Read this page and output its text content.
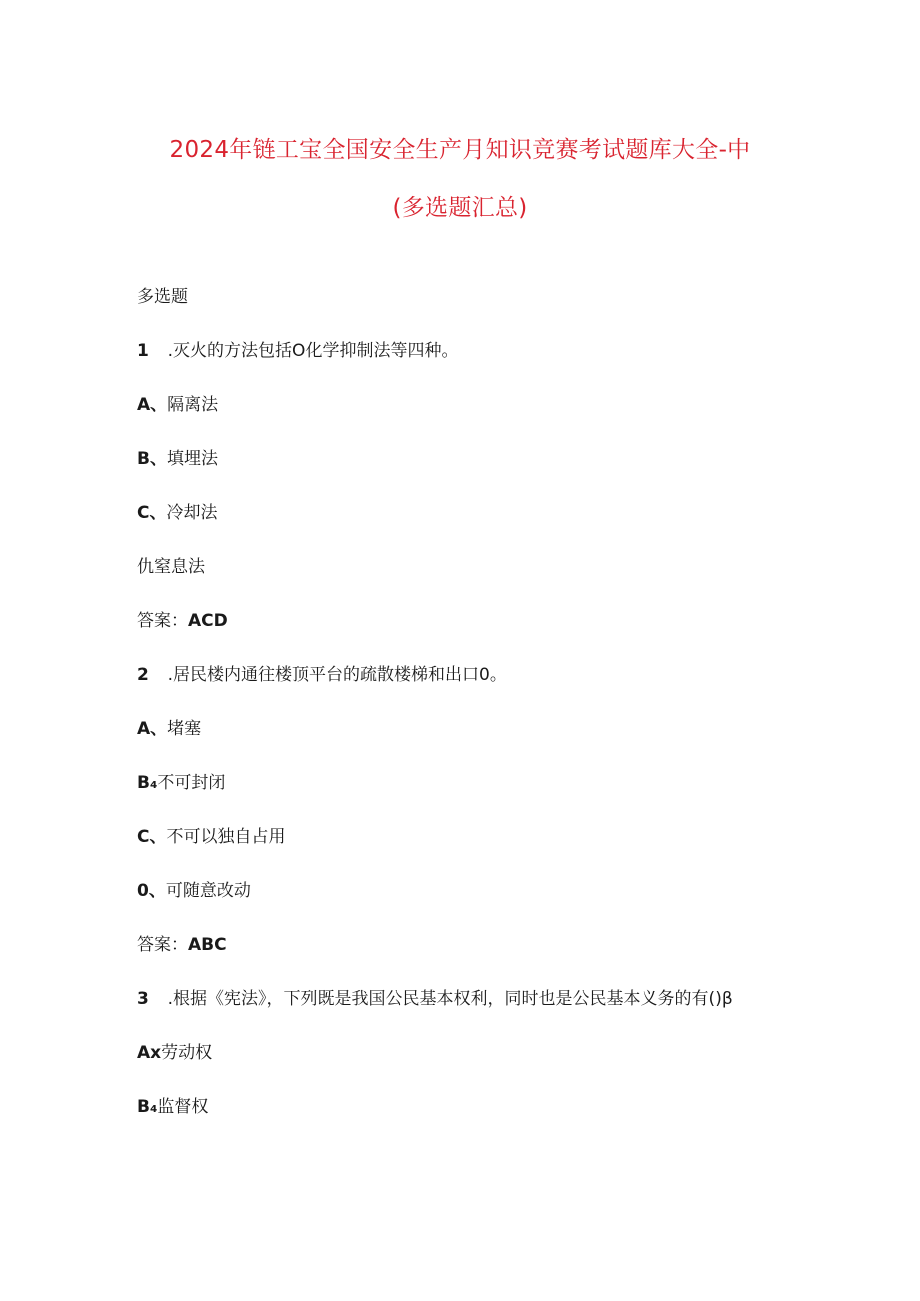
2024年链工宝全国安全生产月知识竞赛考试题库大全-中
(多选题汇总)
多选题
1 .灭火的方法包括O化学抑制法等四种。
A、隔离法
B、填埋法
C、冷却法
仇窒息法
答案：ACD
2 .居民楼内通往楼顶平台的疏散楼梯和出口0。
A、堵塞
B₄不可封闭
C、不可以独自占用
0、可随意改动
答案：ABC
3 .根据《宪法》，下列既是我国公民基本权利，同时也是公民基本义务的有()β
Ax劳动权
B₄监督权
